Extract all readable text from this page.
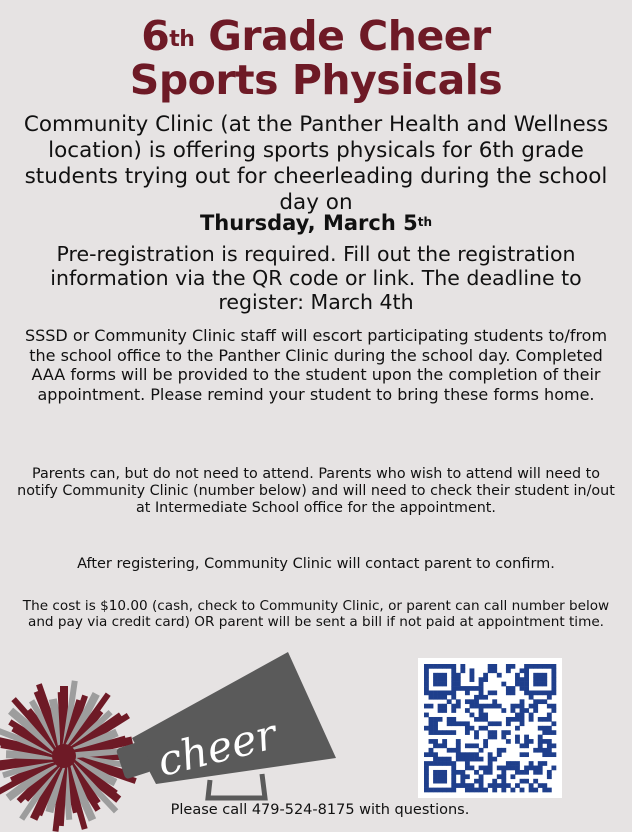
6th Grade Cheer
Sports Physicals
Community Clinic (at the Panther Health and Wellness location) is offering sports physicals for 6th grade students trying out for cheerleading during the school day on
Thursday, March 5th
Pre-registration is required. Fill out the registration information via the QR code or link. The deadline to register: March 4th
SSSD or Community Clinic staff will escort participating students to/from the school office to the Panther Clinic during the school day. Completed AAA forms will be provided to the student upon the completion of their appointment. Please remind your student to bring these forms home.
Parents can, but do not need to attend. Parents who wish to attend will need to notify Community Clinic (number below) and will need to check their student in/out at Intermediate School office for the appointment.
After registering, Community Clinic will contact parent to confirm.
The cost is $10.00 (cash, check to Community Clinic, or parent can call number below and pay via credit card) OR parent will be sent a bill if not paid at appointment time.
cheer
Please call 479-524-8175 with questions.
